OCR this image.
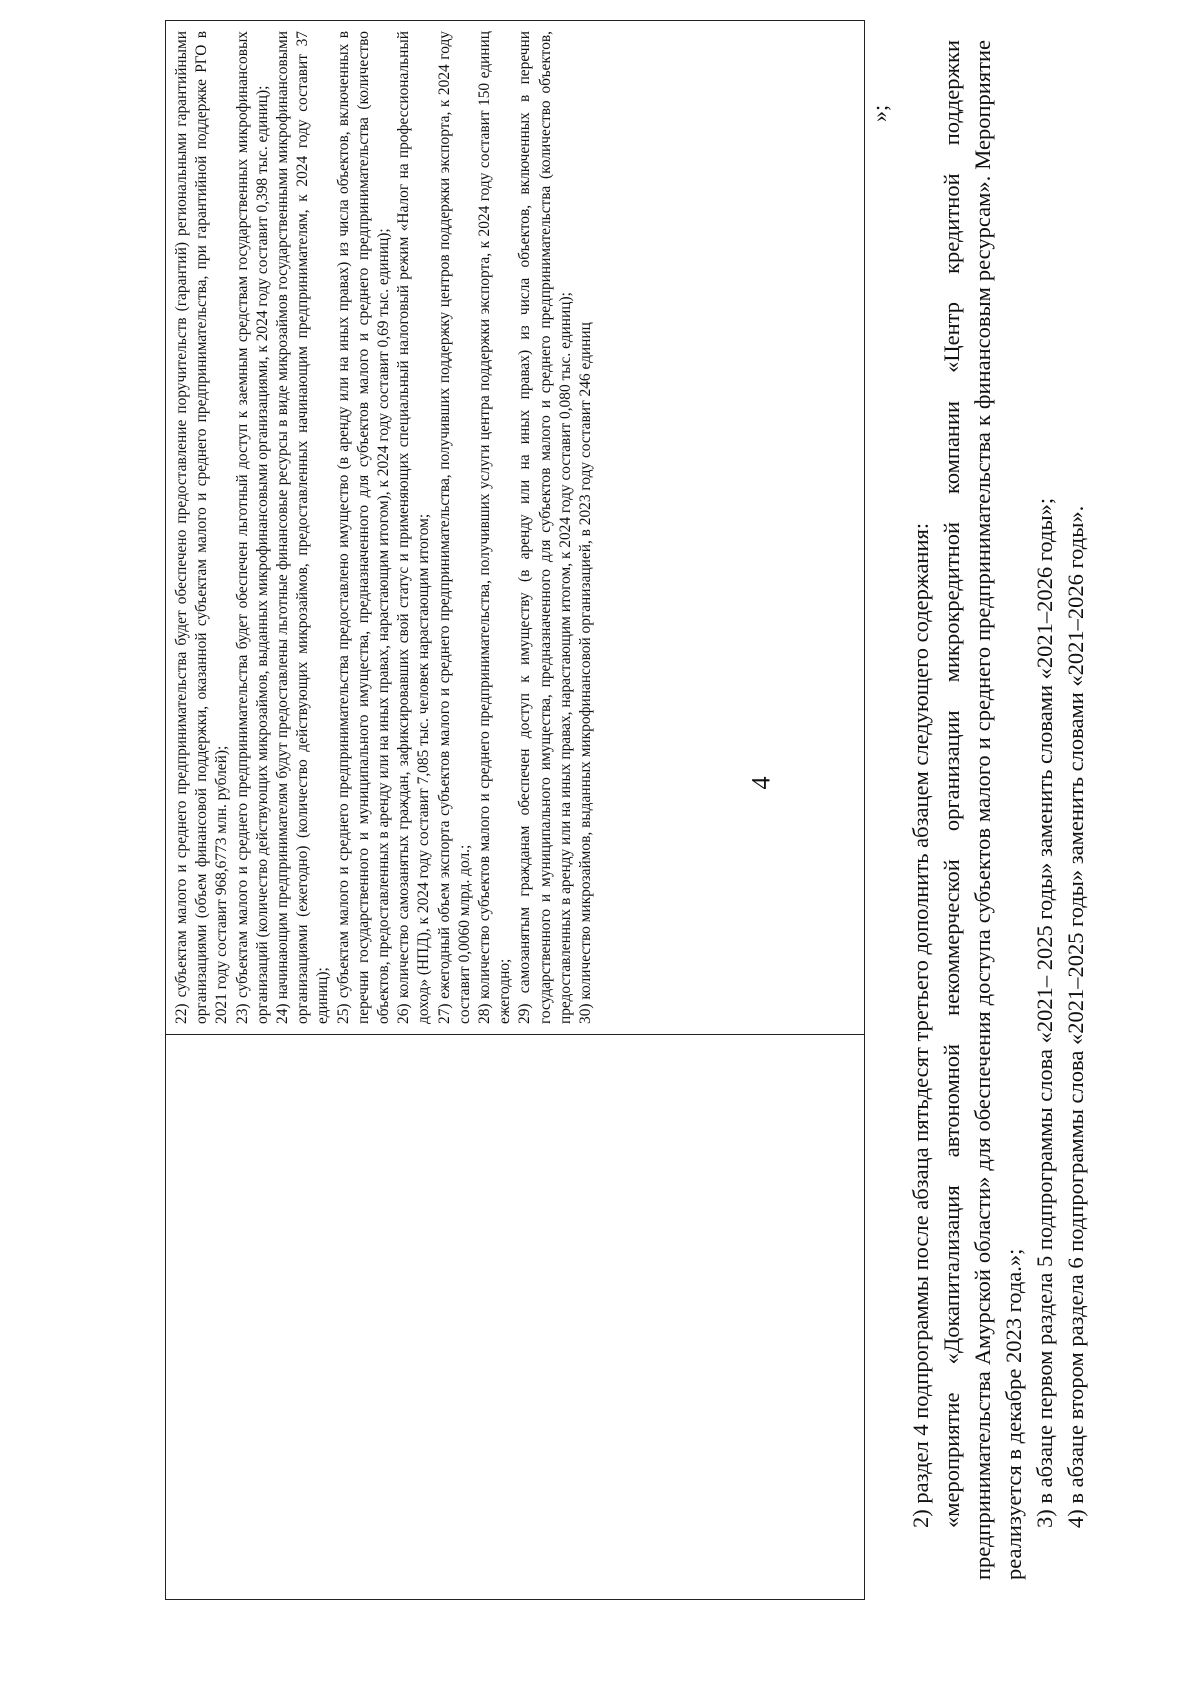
4

22) субъектам малого и среднего предпринимательства будет обеспечено предоставление поручительств (гарантий) региональными гарантийными организациями (объем финансовой поддержки, оказанной субъектам малого и среднего предпринимательства, при гарантийной поддержке РГО в 2021 году составит 968,6773 млн. рублей); 23) субъектам малого и среднего предпринимательства будет обеспечен льготный доступ к заемным средствам государственных микрофинансовых организаций (количество действующих микрозаймов, выданных микрофинансовыми организациями, к 2024 году составит 0,398 тыс. единиц); 24) начинающим предпринимателям будут предоставлены льготные финансовые ресурсы в виде микрозаймов государственными микрофинансовыми организациями (ежегодно) (количество действующих микрозаймов, предоставленных начинающим предпринимателям, к 2024 году составит 37 единиц); 25) субъектам малого и среднего предпринимательства предоставлено имущество (в аренду или на иных правах) из числа объектов, включенных в перечни государственного и муниципального имущества, предназначенного для субъектов малого и среднего предпринимательства (количество объектов, предоставленных в аренду или на иных правах, нарастающим итогом), к 2024 году составит 0,69 тыс. единиц); 26) количество самозанятых граждан, зафиксировавших свой статус и применяющих специальный налоговый режим «Налог на профессиональный доход» (НПД), к 2024 году составит 7,085 тыс. человек нарастающим итогом; 27) ежегодный объем экспорта субъектов малого и среднего предпринимательства, получивших поддержку центров поддержки экспорта, к 2024 году составит 0,0060 млрд. дол.; 28) количество субъектов малого и среднего предпринимательства, получивших услуги центра поддержки экспорта, к 2024 году составит 150 единиц ежегодно; 29) самозанятым гражданам обеспечен доступ к имуществу (в аренду или на иных правах) из числа объектов, включенных в перечни государственного и муниципального имущества, предназначенного для субъектов малого и среднего предпринимательства (количество объектов, предоставленных в аренду или на иных правах, нарастающим итогом, к 2024 году составит 0,080 тыс. единиц); 30) количество микрозаймов, выданных микрофинансовой организацией, в 2023 году составит 246 единиц

»;

2) раздел 4 подпрограммы после абзаца пятьдесят третьего дополнить абзацем следующего содержания: «мероприятие «Докапитализация автономной некоммерческой организации микрокредитной компании «Центр кредитной поддержки предпринимательства Амурской области» для обеспечения доступа субъектов малого и среднего предпринимательства к финансовым ресурсам». Мероприятие реализуется в декабре 2023 года.»; 3) в абзаце первом раздела 5 подпрограммы слова «2021– 2025 годы» заменить словами «2021–2026 годы»; 4) в абзаце втором раздела 6 подпрограммы слова «2021–2025 годы» заменить словами «2021–2026 годы».
